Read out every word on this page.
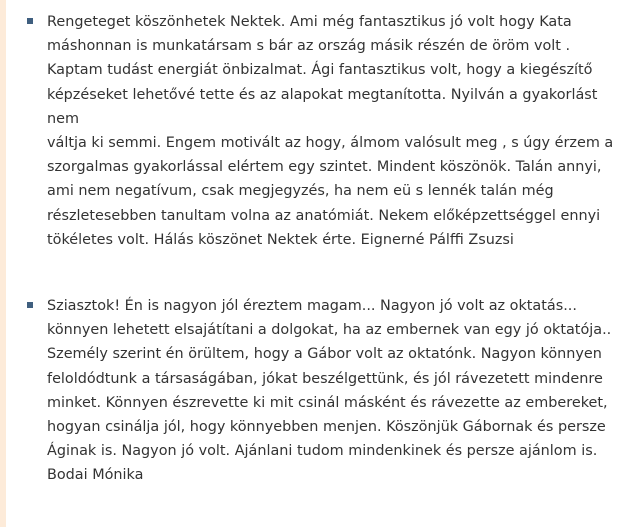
Rengeteget köszönhetek Nektek. Ami még fantasztikus jó volt hogy Kata
máshonnan is munkatársam s bár az ország másik részén de öröm volt .
Kaptam tudást energiát önbizalmat. Ági fantasztikus volt, hogy a kiegészítő
képzéseket lehetővé tette és az alapokat megtanította. Nyilván a gyakorlást nem
váltja ki semmi. Engem motivált az hogy, álmom valósult meg , s úgy érzem a
szorgalmas gyakorlással elértem egy szintet. Mindent köszönök. Talán annyi,
ami nem negatívum, csak megjegyzés, ha nem eü s lennék talán még
részletesebben tanultam volna az anatómiát. Nekem előképzettséggel ennyi
tökéletes volt. Hálás köszönet Nektek érte. Eignerné Pálffi Zsuzsi

Sziasztok! Én is nagyon jól éreztem magam... Nagyon jó volt az oktatás...
könnyen lehetett elsajátítani a dolgokat, ha az embernek van egy jó oktatója..
Személy szerint én örültem, hogy a Gábor volt az oktatónk. Nagyon könnyen
feloldódtunk a társaságában, jókat beszélgettünk, és jól rávezetett mindenre
minket. Könnyen észrevette ki mit csinál másként és rávezette az embereket,
hogyan csinálja jól, hogy könnyebben menjen. Köszönjük Gábornak és persze
Áginak is. Nagyon jó volt. Ajánlani tudom mindenkinek és persze ajánlom is.
Bodai Mónika
